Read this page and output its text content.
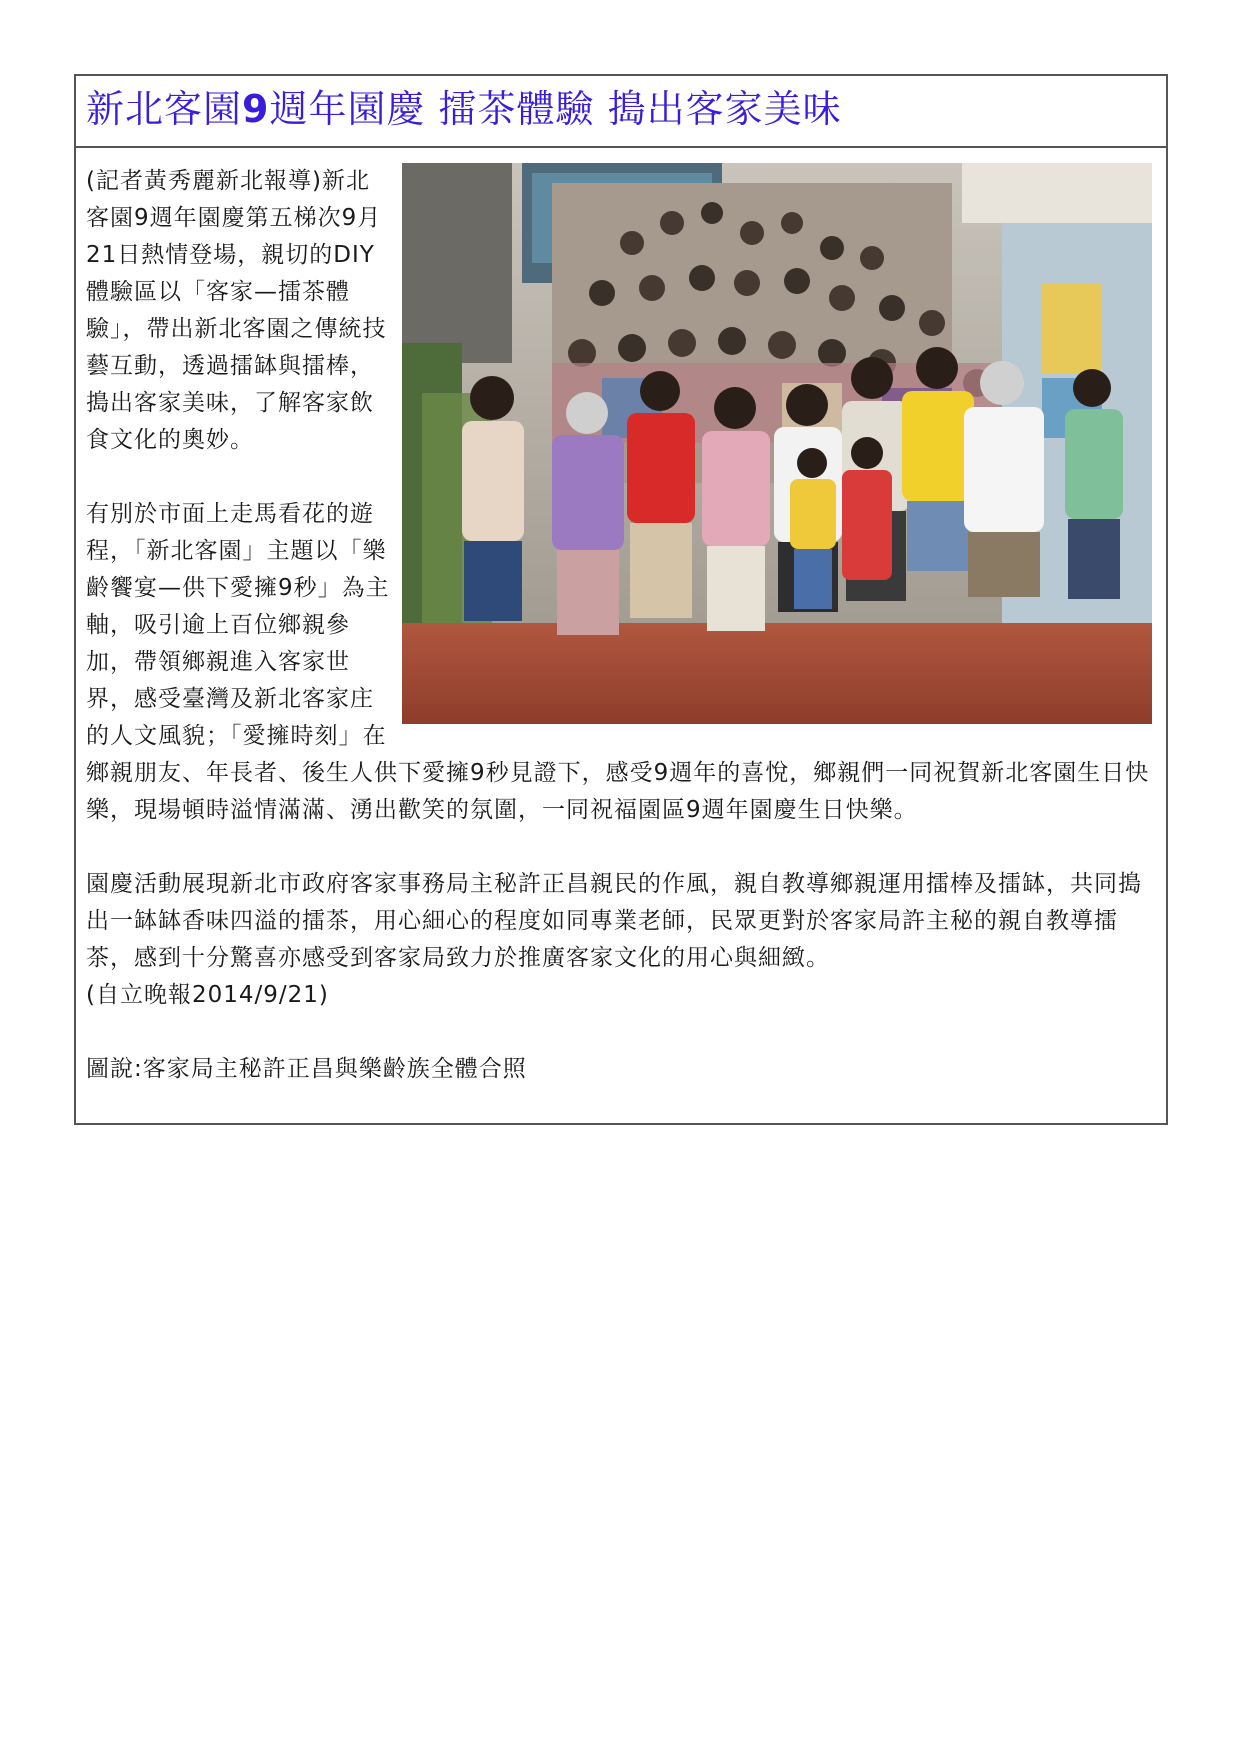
新北客園9週年園慶 擂茶體驗 搗出客家美味

(記者黃秀麗新北報導)新北客園9週年園慶第五梯次9月21日熱情登場，親切的DIY體驗區以「客家—擂茶體驗」，帶出新北客園之傳統技藝互動，透過擂缽與擂棒，搗出客家美味，了解客家飲食文化的奧妙。

有別於市面上走馬看花的遊程，「新北客園」主題以「樂齡饗宴—供下愛擁9秒」為主軸，吸引逾上百位鄉親參加，帶領鄉親進入客家世界，感受臺灣及新北客家庄的人文風貌；「愛擁時刻」在鄉親朋友、年長者、後生人供下愛擁9秒見證下，感受9週年的喜悅，鄉親們一同祝賀新北客園生日快樂，現場頓時溢情滿滿、湧出歡笑的氛圍，一同祝福園區9週年園慶生日快樂。

園慶活動展現新北市政府客家事務局主秘許正昌親民的作風，親自教導鄉親運用擂棒及擂缽，共同搗出一缽缽香味四溢的擂茶，用心細心的程度如同專業老師，民眾更對於客家局許主秘的親自教導擂茶，感到十分驚喜亦感受到客家局致力於推廣客家文化的用心與細緻。

(自立晚報2014/9/21)

圖說:客家局主秘許正昌與樂齡族全體合照
